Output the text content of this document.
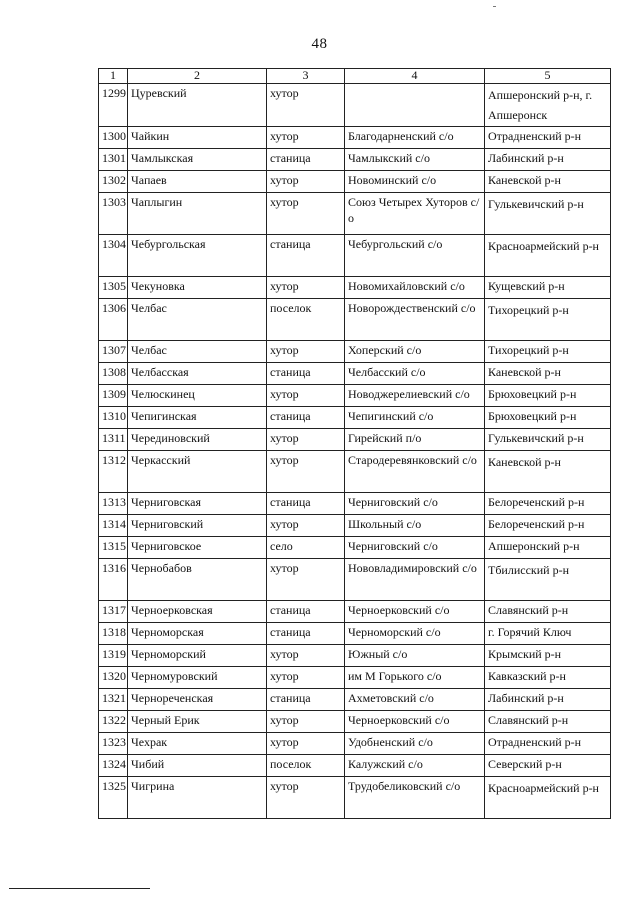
48
1	2	3	4	5
1299	Цуревский	хутор		Апшеронский р-н, г. Апшеронск
1300	Чайкин	хутор	Благодарненский с/о	Отрадненский р-н
1301	Чамлыкская	станица	Чамлыкский с/о	Лабинский р-н
1302	Чапаев	хутор	Новоминский с/о	Каневской р-н
1303	Чаплыгин	хутор	Союз Четырех Хуторов с/о	Гулькевичский р-н
1304	Чебургольская	станица	Чебургольский с/о	Красноармейский р-н
1305	Чекуновка	хутор	Новомихайловский с/о	Кущевский р-н
1306	Челбас	поселок	Новорождественский с/о	Тихорецкий р-н
1307	Челбас	хутор	Хоперский с/о	Тихорецкий р-н
1308	Челбасская	станица	Челбасский с/о	Каневской р-н
1309	Челюскинец	хутор	Новоджерелиевский с/о	Брюховецкий р-н
1310	Чепигинская	станица	Чепигинский с/о	Брюховецкий р-н
1311	Черединовский	хутор	Гирейский п/о	Гулькевичский р-н
1312	Черкасский	хутор	Стародеревянковский с/о	Каневской р-н
1313	Черниговская	станица	Черниговский с/о	Белореченский р-н
1314	Черниговский	хутор	Школьный с/о	Белореченский р-н
1315	Черниговское	село	Черниговский с/о	Апшеронский р-н
1316	Чернобабов	хутор	Нововладимировский с/о	Тбилисский р-н
1317	Черноерковская	станица	Черноерковский с/о	Славянский р-н
1318	Черноморская	станица	Черноморский с/о	г. Горячий Ключ
1319	Черноморский	хутор	Южный с/о	Крымский р-н
1320	Черномуровский	хутор	им М Горького с/о	Кавказский р-н
1321	Чернореченская	станица	Ахметовский с/о	Лабинский р-н
1322	Черный Ерик	хутор	Черноерковский с/о	Славянский р-н
1323	Чехрак	хутор	Удобненский с/о	Отрадненский р-н
1324	Чибий	поселок	Калужский с/о	Северский р-н
1325	Чигрина	хутор	Трудобеликовский с/о	Красноармейский р-н
